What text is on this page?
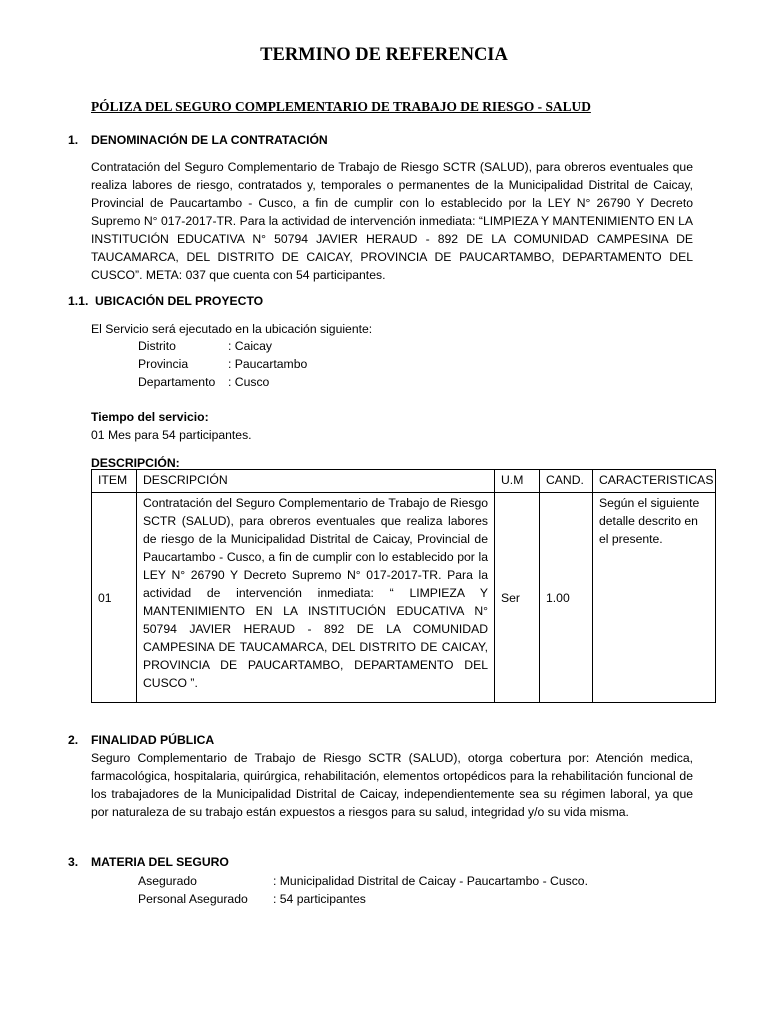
TERMINO DE REFERENCIA
PÓLIZA DEL SEGURO COMPLEMENTARIO DE TRABAJO DE RIESGO - SALUD
1. DENOMINACIÓN DE LA CONTRATACIÓN
Contratación del Seguro Complementario de Trabajo de Riesgo SCTR (SALUD), para obreros eventuales que realiza labores de riesgo, contratados y, temporales o permanentes de la Municipalidad Distrital de Caicay, Provincial de Paucartambo - Cusco, a fin de cumplir con lo establecido por la LEY N° 26790 Y Decreto Supremo N° 017-2017-TR. Para la actividad de intervención inmediata: “LIMPIEZA Y MANTENIMIENTO EN LA INSTITUCIÓN EDUCATIVA N° 50794 JAVIER HERAUD - 892 DE LA COMUNIDAD CAMPESINA DE TAUCAMARCA, DEL DISTRITO DE CAICAY, PROVINCIA DE PAUCARTAMBO, DEPARTAMENTO DEL CUSCO”. META: 037 que cuenta con 54 participantes.
1.1. UBICACIÓN DEL PROYECTO
El Servicio será ejecutado en la ubicación siguiente:
Distrito	: Caicay
Provincia	: Paucartambo
Departamento : Cusco
Tiempo del servicio:
01 Mes para 54 participantes.
DESCRIPCIÓN:
ITEM	DESCRIPCIÓN	U.M	CAND.	CARACTERISTICAS
01	Contratación del Seguro Complementario de Trabajo de Riesgo SCTR (SALUD), para obreros eventuales que realiza labores de riesgo de la Municipalidad Distrital de Caicay, Provincial de Paucartambo - Cusco, a fin de cumplir con lo establecido por la LEY N° 26790 Y Decreto Supremo N° 017-2017-TR. Para la actividad de intervención inmediata: “ LIMPIEZA Y MANTENIMIENTO EN LA INSTITUCIÓN EDUCATIVA N° 50794 JAVIER HERAUD - 892 DE LA COMUNIDAD CAMPESINA DE TAUCAMARCA, DEL DISTRITO DE CAICAY, PROVINCIA DE PAUCARTAMBO, DEPARTAMENTO DEL CUSCO ”.	Ser	1.00	Según el siguiente detalle descrito en el presente.
2. FINALIDAD PÚBLICA
Seguro Complementario de Trabajo de Riesgo SCTR (SALUD), otorga cobertura por: Atención medica, farmacológica, hospitalaria, quirúrgica, rehabilitación, elementos ortopédicos para la rehabilitación funcional de los trabajadores de la Municipalidad Distrital de Caicay, independientemente sea su régimen laboral, ya que por naturaleza de su trabajo están expuestos a riesgos para su salud, integridad y/o su vida misma.
3. MATERIA DEL SEGURO
Asegurado	: Municipalidad Distrital de Caicay - Paucartambo - Cusco.
Personal Asegurado : 54 participantes
